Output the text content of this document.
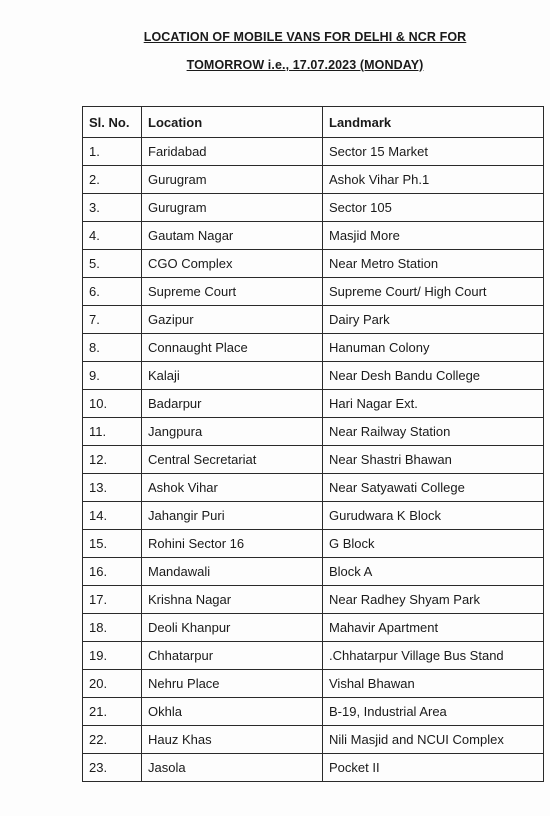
LOCATION OF MOBILE VANS FOR DELHI & NCR FOR
TOMORROW i.e., 17.07.2023 (MONDAY)
Sl. No.	Location	Landmark
1.	Faridabad	Sector 15 Market
2.	Gurugram	Ashok Vihar Ph.1
3.	Gurugram	Sector 105
4.	Gautam Nagar	Masjid More
5.	CGO Complex	Near Metro Station
6.	Supreme Court	Supreme Court/ High Court
7.	Gazipur	Dairy Park
8.	Connaught Place	Hanuman Colony
9.	Kalaji	Near Desh Bandu College
10.	Badarpur	Hari Nagar Ext.
11.	Jangpura	Near Railway Station
12.	Central Secretariat	Near Shastri Bhawan
13.	Ashok Vihar	Near Satyawati College
14.	Jahangir Puri	Gurudwara K Block
15.	Rohini Sector 16	G Block
16.	Mandawali	Block A
17.	Krishna Nagar	Near Radhey Shyam Park
18.	Deoli Khanpur	Mahavir Apartment
19.	Chhatarpur	.Chhatarpur Village Bus Stand
20.	Nehru Place	Vishal Bhawan
21.	Okhla	B-19, Industrial Area
22.	Hauz Khas	Nili Masjid and NCUI Complex
23.	Jasola	Pocket II
